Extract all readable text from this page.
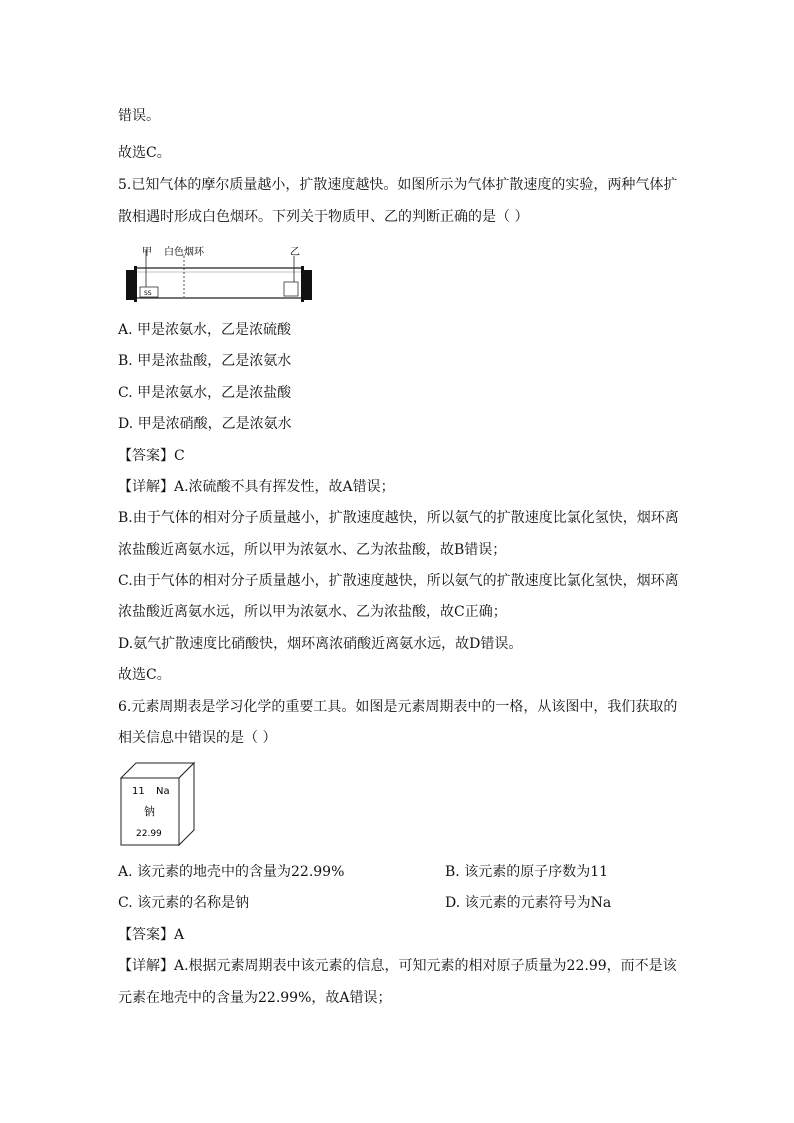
错误。
故选C。
5.已知气体的摩尔质量越小，扩散速度越快。如图所示为气体扩散速度的实验，两种气体扩
散相遇时形成白色烟环。下列关于物质甲、乙的判断正确的是（ ）
SS
甲 白色烟环	乙
A. 甲是浓氨水，乙是浓硫酸
B. 甲是浓盐酸，乙是浓氨水
C. 甲是浓氨水，乙是浓盐酸
D. 甲是浓硝酸，乙是浓氨水
【答案】C
【详解】A.浓硫酸不具有挥发性，故A错误；
B.由于气体的相对分子质量越小，扩散速度越快，所以氨气的扩散速度比氯化氢快，烟环离
浓盐酸近离氨水远，所以甲为浓氨水、乙为浓盐酸，故B错误；
C.由于气体的相对分子质量越小，扩散速度越快，所以氨气的扩散速度比氯化氢快，烟环离
浓盐酸近离氨水远，所以甲为浓氨水、乙为浓盐酸，故C正确；
D.氨气扩散速度比硝酸快，烟环离浓硝酸近离氨水远，故D错误。
故选C。
6.元素周期表是学习化学的重要工具。如图是元素周期表中的一格，从该图中，我们获取的
相关信息中错误的是（ ）
11 Na
钠
22.99
A. 该元素的地壳中的含量为22.99%	B. 该元素的原子序数为11
C. 该元素的名称是钠	D. 该元素的元素符号为Na
【答案】A
【详解】A.根据元素周期表中该元素的信息，可知元素的相对原子质量为22.99，而不是该
元素在地壳中的含量为22.99%，故A错误；
